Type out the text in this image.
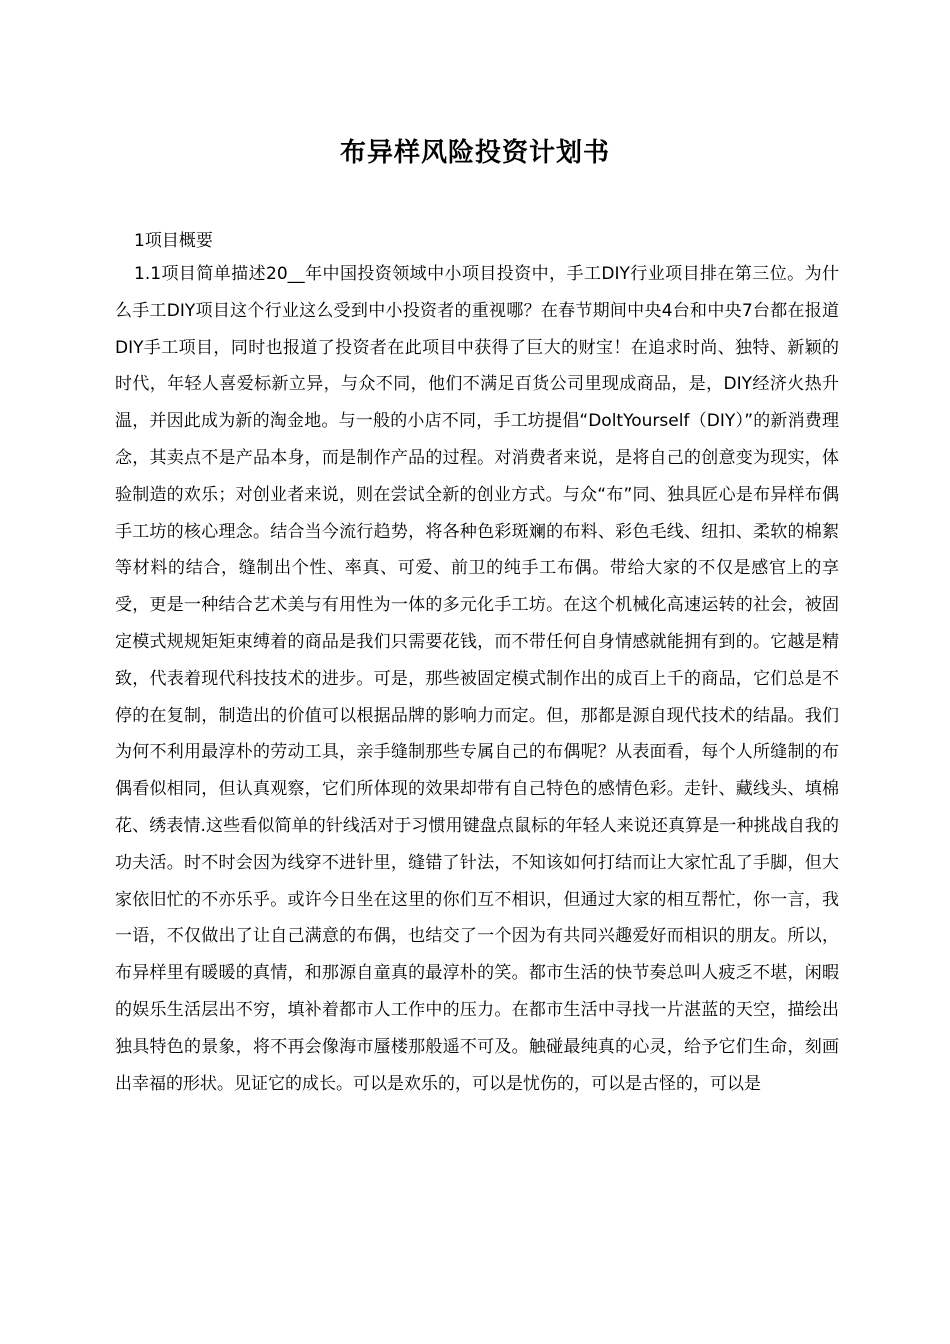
布异样风险投资计划书

1项目概要

1.1项目简单描述20__年中国投资领域中小项目投资中，手工DIY行业项目排在第三位。为什么手工DIY项目这个行业这么受到中小投资者的重视哪？在春节期间中央4台和中央7台都在报道DIY手工项目，同时也报道了投资者在此项目中获得了巨大的财宝！在追求时尚、独特、新颖的时代，年轻人喜爱标新立异，与众不同，他们不满足百货公司里现成商品，是，DIY经济火热升温，并因此成为新的淘金地。与一般的小店不同，手工坊提倡“DoltYourself（DIY）”的新消费理念，其卖点不是产品本身，而是制作产品的过程。对消费者来说，是将自己的创意变为现实，体验制造的欢乐；对创业者来说，则在尝试全新的创业方式。与众“布”同、独具匠心是布异样布偶手工坊的核心理念。结合当今流行趋势，将各种色彩斑斓的布料、彩色毛线、纽扣、柔软的棉絮等材料的结合，缝制出个性、率真、可爱、前卫的纯手工布偶。带给大家的不仅是感官上的享受，更是一种结合艺术美与有用性为一体的多元化手工坊。在这个机械化高速运转的社会，被固定模式规规矩矩束缚着的商品是我们只需要花钱，而不带任何自身情感就能拥有到的。它越是精致，代表着现代科技技术的进步。可是，那些被固定模式制作出的成百上千的商品，它们总是不停的在复制，制造出的价值可以根据品牌的影响力而定。但，那都是源自现代技术的结晶。我们为何不利用最淳朴的劳动工具，亲手缝制那些专属自己的布偶呢？从表面看，每个人所缝制的布偶看似相同，但认真观察，它们所体现的效果却带有自己特色的感情色彩。走针、藏线头、填棉花、绣表情.这些看似简单的针线活对于习惯用键盘点鼠标的年轻人来说还真算是一种挑战自我的功夫活。时不时会因为线穿不进针里，缝错了针法，不知该如何打结而让大家忙乱了手脚，但大家依旧忙的不亦乐乎。或许今日坐在这里的你们互不相识，但通过大家的相互帮忙，你一言，我一语，不仅做出了让自己满意的布偶，也结交了一个因为有共同兴趣爱好而相识的朋友。所以，布异样里有暖暖的真情，和那源自童真的最淳朴的笑。都市生活的快节奏总叫人疲乏不堪，闲暇的娱乐生活层出不穷，填补着都市人工作中的压力。在都市生活中寻找一片湛蓝的天空，描绘出独具特色的景象，将不再会像海市蜃楼那般遥不可及。触碰最纯真的心灵，给予它们生命，刻画出幸福的形状。见证它的成长。可以是欢乐的，可以是忧伤的，可以是古怪的，可以是
